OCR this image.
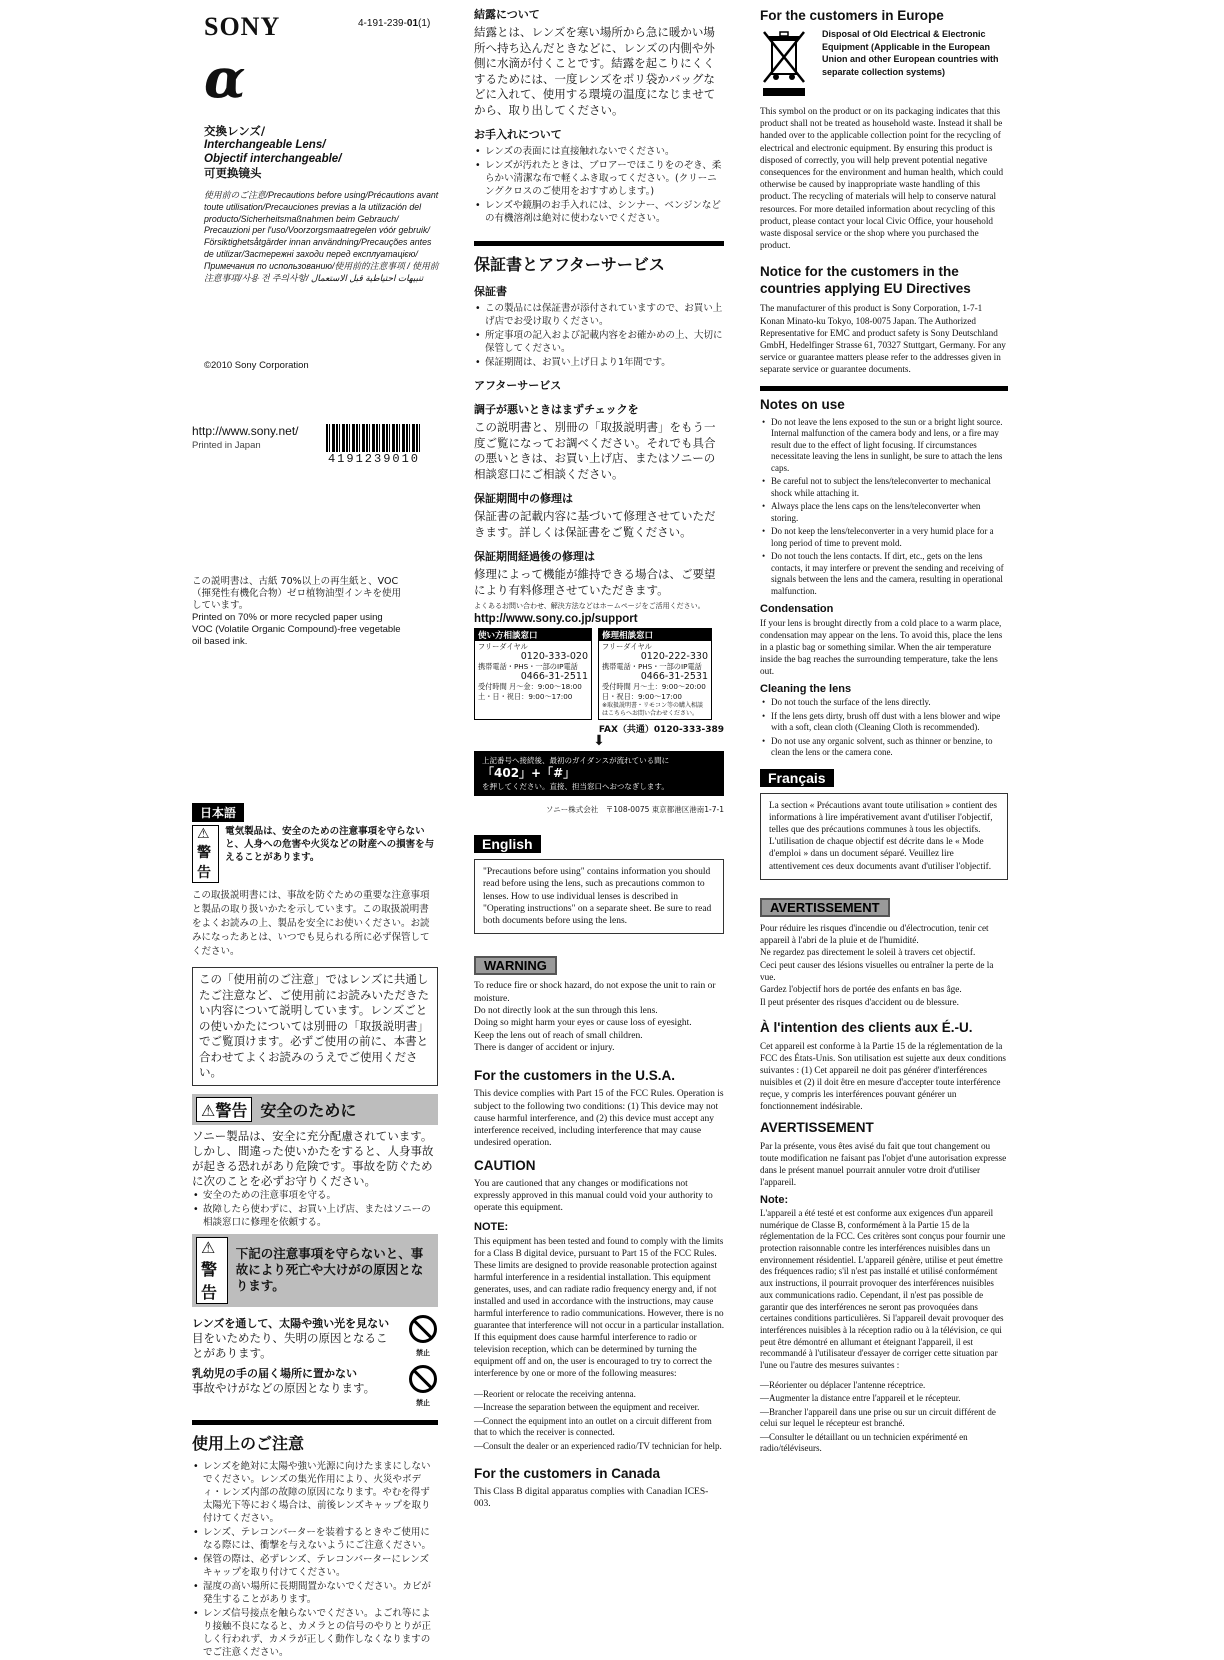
SONY	4-191-239-01(1)
α
交換レンズ/
Interchangeable Lens/
Objectif interchangeable/
可更换镜头
使用前のご注意/Precautions before using/Précautions avant toute utilisation/Precauciones previas a la utilización del producto/Sicherheitsmaßnahmen beim Gebrauch/ Precauzioni per l'uso/Voorzorgsmaatregelen vóór gebruik/ Försiktighetsåtgärder innan användning/Precauções antes de utilizar/Застережні заходи перед експлуатацією/ Примечания по использованию/使用前的注意事项 / 使用前注意事項/사용 전 주의사항/ تنبيهات احتياطية قبل الاستعمال
©2010 Sony Corporation
http://www.sony.net/
Printed in Japan
4191239010
この説明書は、古紙 70%以上の再生紙と、VOC（揮発性有機化合物）ゼロ植物油型インキを使用しています。
Printed on 70% or more recycled paper using VOC (Volatile Organic Compound)-free vegetable oil based ink.
日本語
⚠警告
電気製品は、安全のための注意事項を守らないと、人身への危害や火災などの財産への損害を与えることがあります。
この取扱説明書には、事故を防ぐための重要な注意事項と製品の取り扱いかたを示しています。この取扱説明書をよくお読みの上、製品を安全にお使いください。お読みになったあとは、いつでも見られる所に必ず保管してください。
この「使用前のご注意」ではレンズに共通したご注意など、ご使用前にお読みいただきたい内容について説明しています。レンズごとの使いかたについては別冊の「取扱説明書」でご覧頂けます。必ずご使用の前に、本書と合わせてよくお読みのうえでご使用ください。
⚠警告 安全のために
ソニー製品は、安全に充分配慮されています。しかし、間違った使いかたをすると、人身事故が起きる恐れがあり危険です。事故を防ぐために次のことを必ずお守りください。
• 安全のための注意事項を守る。
• 故障したら使わずに、お買い上げ店、またはソニーの相談窓口に修理を依頼する。
⚠警告
下記の注意事項を守らないと、事故により死亡や大けがの原因となります。
レンズを通して、太陽や強い光を見ない
目をいためたり、失明の原因となることがあります。	禁止
乳幼児の手の届く場所に置かない
事故やけがなどの原因となります。
禁止
使用上のご注意
• レンズを絶対に太陽や強い光源に向けたままにしないでください。レンズの集光作用により、火災やボディ・レンズ内部の故障の原因になります。やむを得ず太陽光下等におく場合は、前後レンズキャップを取り付けてください。
• レンズ、テレコンバーターを装着するときやご使用になる際には、衝撃を与えないようにご注意ください。
• 保管の際は、必ずレンズ、テレコンバーターにレンズキャップを取り付けてください。
• 湿度の高い場所に長期間置かないでください。カビが発生することがあります。
• レンズ信号接点を触らないでください。よごれ等により接触不良になると、カメラとの信号のやりとりが正しく行われず、カメラが正しく動作しなくなりますのでご注意ください。
結露について
結露とは、レンズを寒い場所から急に暖かい場所へ持ち込んだときなどに、レンズの内側や外側に水滴が付くことです。結露を起こりにくくするためには、一度レンズをポリ袋かバッグなどに入れて、使用する環境の温度になじませてから、取り出してください。
お手入れについて
• レンズの表面には直接触れないでください。
• レンズが汚れたときは、ブロアーでほこりをのぞき、柔らかい清潔な布で軽くふき取ってください。(クリーニングクロスのご使用をおすすめします。)
• レンズや鏡胴のお手入れには、シンナー、ベンジンなどの有機溶剤は絶対に使わないでください。
保証書とアフターサービス
保証書
• この製品には保証書が添付されていますので、お買い上げ店でお受け取りください。
• 所定事項の記入および記載内容をお確かめの上、大切に保管してください。
• 保証期間は、お買い上げ日より1年間です。
アフターサービス
調子が悪いときはまずチェックを
この説明書と、別冊の「取扱説明書」をもう一度ご覧になってお調べください。それでも具合の悪いときは、お買い上げ店、またはソニーの相談窓口にご相談ください。
保証期間中の修理は
保証書の記載内容に基づいて修理させていただきます。詳しくは保証書をご覧ください。
保証期間経過後の修理は
修理によって機能が維持できる場合は、ご要望により有料修理させていただきます。
よくあるお問い合わせ、解決方法などはホームページをご活用ください。
http://www.sony.co.jp/support
使い方相談窓口
フリーダイヤル
0120-333-020
携帯電話・PHS・一部のIP電話
0466-31-2511
受付時間 月〜金：9:00〜18:00 土・日・祝日：9:00〜17:00
修理相談窓口
フリーダイヤル
0120-222-330
携帯電話・PHS・一部のIP電話
0466-31-2531
受付時間 月〜土：9:00〜20:00 日・祝日：9:00〜17:00
※取扱説明書・リモコン等の購入相談はこちらへお問い合わせください。
FAX（共通）0120-333-389
⬇
上記番号へ接続後、最初のガイダンスが流れている間に
「402」+「#」
を押してください。直接、担当窓口へおつなぎします。
ソニー株式会社　〒108-0075 東京都港区港南1-7-1
English
"Precautions before using" contains information you should read before using the lens, such as precautions common to lenses. How to use individual lenses is described in "Operating instructions" on a separate sheet. Be sure to read both documents before using the lens.
WARNING

To reduce fire or shock hazard, do not expose the unit to rain or moisture.

Do not directly look at the sun through this lens.

Doing so might harm your eyes or cause loss of eyesight.

Keep the lens out of reach of small children.

There is danger of accident or injury.

For the customers in the U.S.A.

This device complies with Part 15 of the FCC Rules. Operation is subject to the following two conditions: (1) This device may not cause harmful interference, and (2) this device must accept any interference received, including interference that may cause undesired operation.

CAUTION

You are cautioned that any changes or modifications not expressly approved in this manual could void your authority to operate this equipment.

NOTE:

This equipment has been tested and found to comply with the limits for a Class B digital device, pursuant to Part 15 of the FCC Rules. These limits are designed to provide reasonable protection against harmful interference in a residential installation. This equipment generates, uses, and can radiate radio frequency energy and, if not installed and used in accordance with the instructions, may cause harmful interference to radio communications. However, there is no guarantee that interference will not occur in a particular installation. If this equipment does cause harmful interference to radio or television reception, which can be determined by turning the equipment off and on, the user is encouraged to try to correct the interference by one or more of the following measures:

—Reorient or relocate the receiving antenna.
—Increase the separation between the equipment and receiver.
—Connect the equipment into an outlet on a circuit different from that to which the receiver is connected.
—Consult the dealer or an experienced radio/TV technician for help.
For the customers in Canada

This Class B digital apparatus complies with Canadian ICES-003.

For the customers in Europe
Disposal of Old Electrical & Electronic Equipment (Applicable in the European Union and other European countries with separate collection systems)

This symbol on the product or on its packaging indicates that this product shall not be treated as household waste. Instead it shall be handed over to the applicable collection point for the recycling of electrical and electronic equipment. By ensuring this product is disposed of correctly, you will help prevent potential negative consequences for the environment and human health, which could otherwise be caused by inappropriate waste handling of this product. The recycling of materials will help to conserve natural resources. For more detailed information about recycling of this product, please contact your local Civic Office, your household waste disposal service or the shop where you purchased the product.

Notice for the customers in the countries applying EU Directives

The manufacturer of this product is Sony Corporation, 1-7-1 Konan Minato-ku Tokyo, 108-0075 Japan. The Authorized Representative for EMC and product safety is Sony Deutschland GmbH, Hedelfinger Strasse 61, 70327 Stuttgart, Germany. For any service or guarantee matters please refer to the addresses given in separate service or guarantee documents.

Notes on use
• Do not leave the lens exposed to the sun or a bright light source. Internal malfunction of the camera body and lens, or a fire may result due to the effect of light focusing. If circumstances necessitate leaving the lens in sunlight, be sure to attach the lens caps.
• Be careful not to subject the lens/teleconverter to mechanical shock while attaching it.
• Always place the lens caps on the lens/teleconverter when storing.
• Do not keep the lens/teleconverter in a very humid place for a long period of time to prevent mold.
• Do not touch the lens contacts. If dirt, etc., gets on the lens contacts, it may interfere or prevent the sending and receiving of signals between the lens and the camera, resulting in operational malfunction.
Condensation

If your lens is brought directly from a cold place to a warm place, condensation may appear on the lens. To avoid this, place the lens in a plastic bag or something similar. When the air temperature inside the bag reaches the surrounding temperature, take the lens out.

Cleaning the lens
• Do not touch the surface of the lens directly.
• If the lens gets dirty, brush off dust with a lens blower and wipe with a soft, clean cloth (Cleaning Cloth is recommended).
• Do not use any organic solvent, such as thinner or benzine, to clean the lens or the camera cone.
Français
La section « Précautions avant toute utilisation » contient des informations à lire impérativement avant d'utiliser l'objectif, telles que des précautions communes à tous les objectifs. L'utilisation de chaque objectif est décrite dans le « Mode d'emploi » dans un document séparé. Veuillez lire attentivement ces deux documents avant d'utiliser l'objectif.
AVERTISSEMENT

Pour réduire les risques d'incendie ou d'électrocution, tenir cet appareil à l'abri de la pluie et de l'humidité.

Ne regardez pas directement le soleil à travers cet objectif.

Ceci peut causer des lésions visuelles ou entraîner la perte de la vue.

Gardez l'objectif hors de portée des enfants en bas âge.

Il peut présenter des risques d'accident ou de blessure.

À l'intention des clients aux É.-U.

Cet appareil est conforme à la Partie 15 de la réglementation de la FCC des États-Unis. Son utilisation est sujette aux deux conditions suivantes : (1) Cet appareil ne doit pas générer d'interférences nuisibles et (2) il doit être en mesure d'accepter toute interférence reçue, y compris les interférences pouvant générer un fonctionnement indésirable.

AVERTISSEMENT

Par la présente, vous êtes avisé du fait que tout changement ou toute modification ne faisant pas l'objet d'une autorisation expresse dans le présent manuel pourrait annuler votre droit d'utiliser l'appareil.

Note:

L'appareil a été testé et est conforme aux exigences d'un appareil numérique de Classe B, conformément à la Partie 15 de la réglementation de la FCC. Ces critères sont conçus pour fournir une protection raisonnable contre les interférences nuisibles dans un environnement résidentiel. L'appareil génère, utilise et peut émettre des fréquences radio; s'il n'est pas installé et utilisé conformément aux instructions, il pourrait provoquer des interférences nuisibles aux communications radio. Cependant, il n'est pas possible de garantir que des interférences ne seront pas provoquées dans certaines conditions particulières. Si l'appareil devait provoquer des interférences nuisibles à la réception radio ou à la télévision, ce qui peut être démontré en allumant et éteignant l'appareil, il est recommandé à l'utilisateur d'essayer de corriger cette situation par l'une ou l'autre des mesures suivantes :

—Réorienter ou déplacer l'antenne réceptrice.
—Augmenter la distance entre l'appareil et le récepteur.
—Brancher l'appareil dans une prise ou sur un circuit différent de celui sur lequel le récepteur est branché.
—Consulter le détaillant ou un technicien expérimenté en radio/téléviseurs.
